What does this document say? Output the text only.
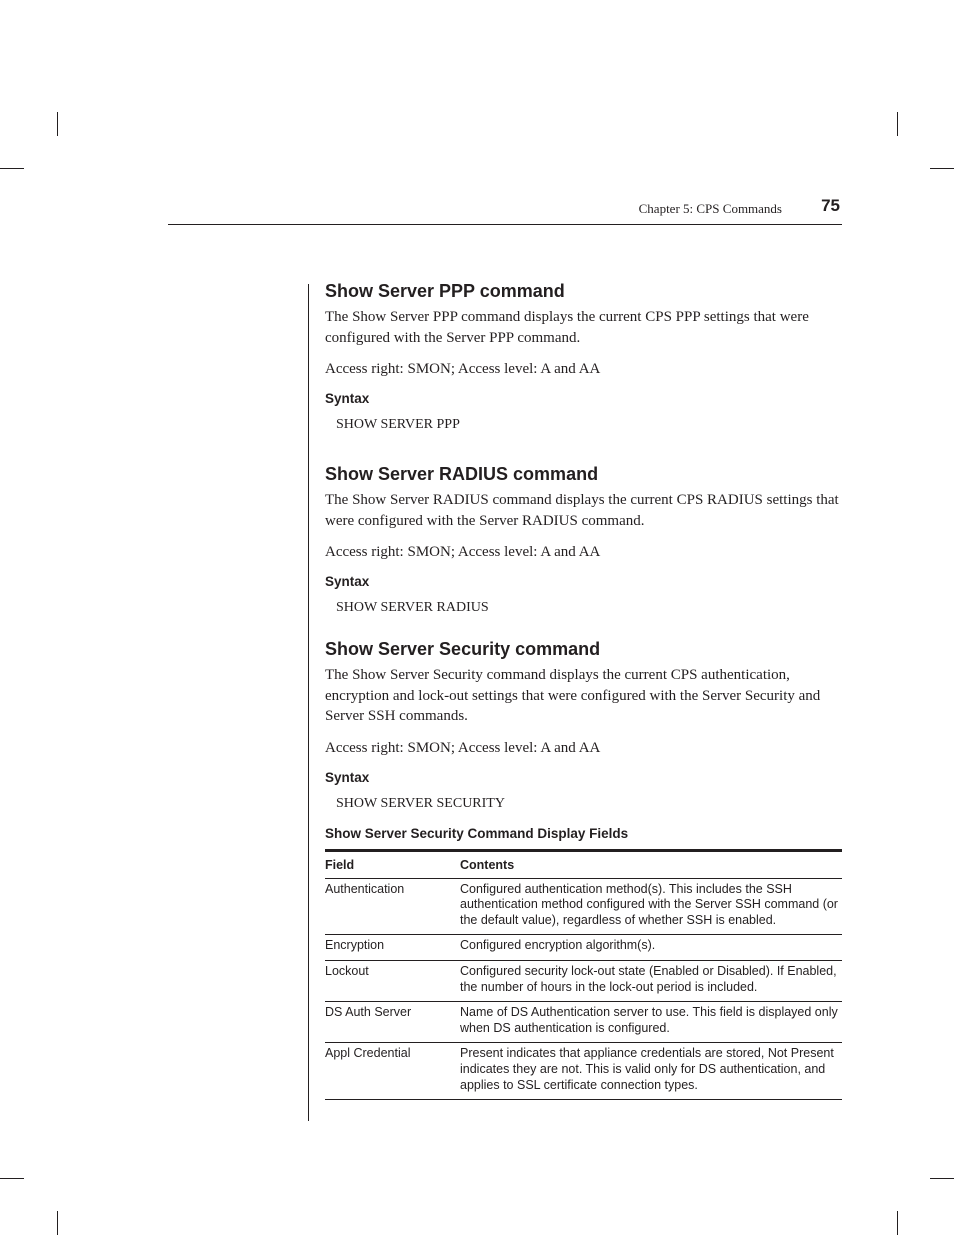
Chapter 5: CPS Commands	75
Show Server PPP command

The Show Server PPP command displays the current CPS PPP settings that were configured with the Server PPP command.

Access right: SMON; Access level: A and AA

Syntax
SHOW SERVER PPP
Show Server RADIUS command

The Show Server RADIUS command displays the current CPS RADIUS settings that were configured with the Server RADIUS command.

Access right: SMON; Access level: A and AA

Syntax
SHOW SERVER RADIUS
Show Server Security command

The Show Server Security command displays the current CPS authentication, encryption and lock-out settings that were configured with the Server Security and Server SSH commands.

Access right: SMON; Access level: A and AA

Syntax
SHOW SERVER SECURITY
Show Server Security Command Display Fields
Field	Contents
Authentication	Configured authentication method(s). This includes the SSH authentication method configured with the Server SSH command (or the default value), regardless of whether SSH is enabled.
Encryption	Configured encryption algorithm(s).
Lockout	Configured security lock-out state (Enabled or Disabled). If Enabled, the number of hours in the lock-out period is included.
DS Auth Server	Name of DS Authentication server to use. This field is displayed only when DS authentication is configured.
Appl Credential	Present indicates that appliance credentials are stored, Not Present indicates they are not. This is valid only for DS authentication, and applies to SSL certificate connection types.
